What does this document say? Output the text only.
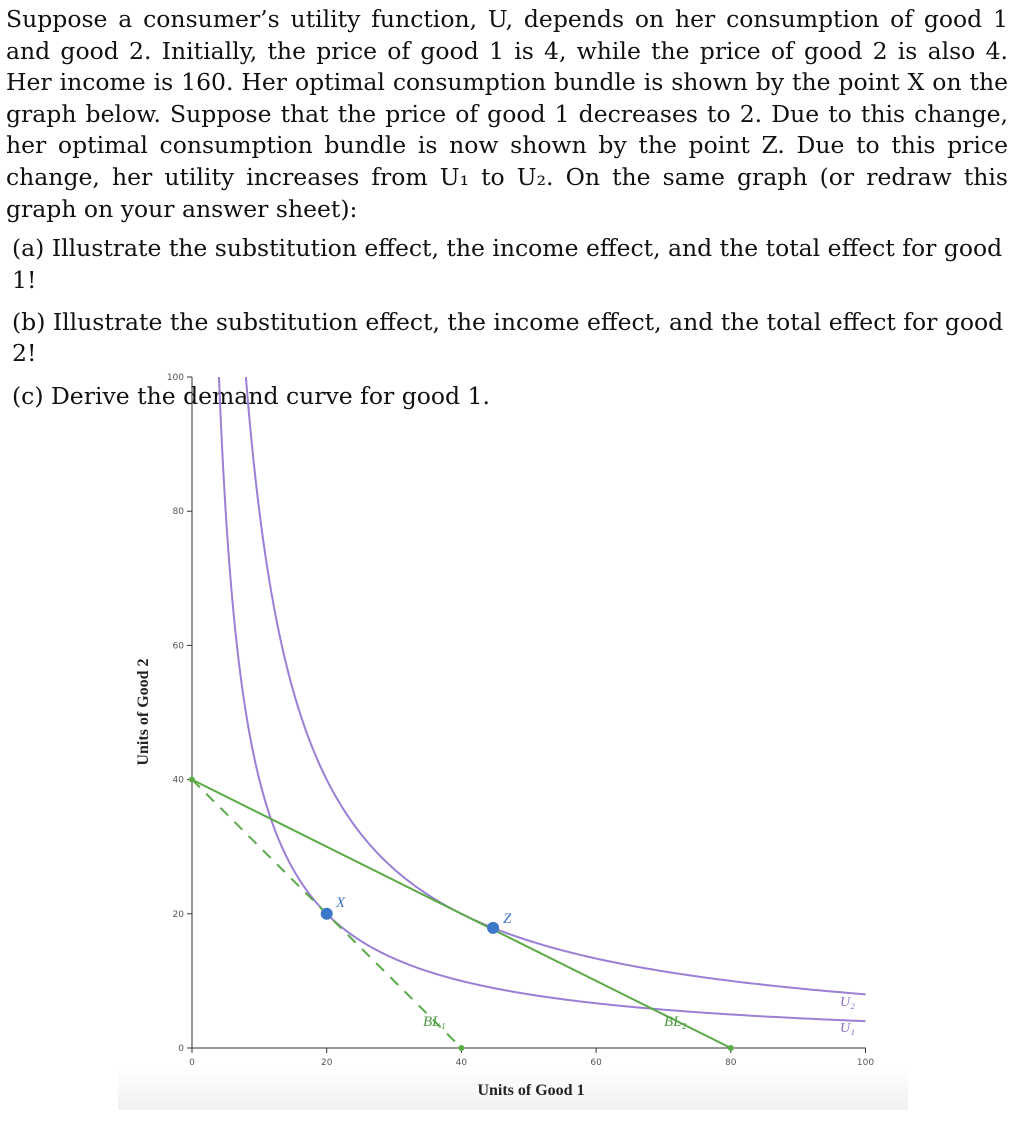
Suppose a consumer’s utility function, U, depends on her consumption of good 1 and good 2. Initially, the price of good 1 is 4, while the price of good 2 is also 4. Her income is 160. Her optimal consumption bundle is shown by the point X on the graph below. Suppose that the price of good 1 decreases to 2. Due to this change, her optimal consumption bundle is now shown by the point Z. Due to this price change, her utility increases from U₁ to U₂. On the same graph (or redraw this graph on your answer sheet):

(a) Illustrate the substitution effect, the income effect, and the total effect for good 1!
(b) Illustrate the substitution effect, the income effect, and the total effect for good 2!
(c) Derive the demand curve for good 1.
0	20	40	60	80	100
0
20
40
60
80
100
X
Z
BL₁	BL₂
U₂
U₁
Units of Good 1
Units of Good 2
